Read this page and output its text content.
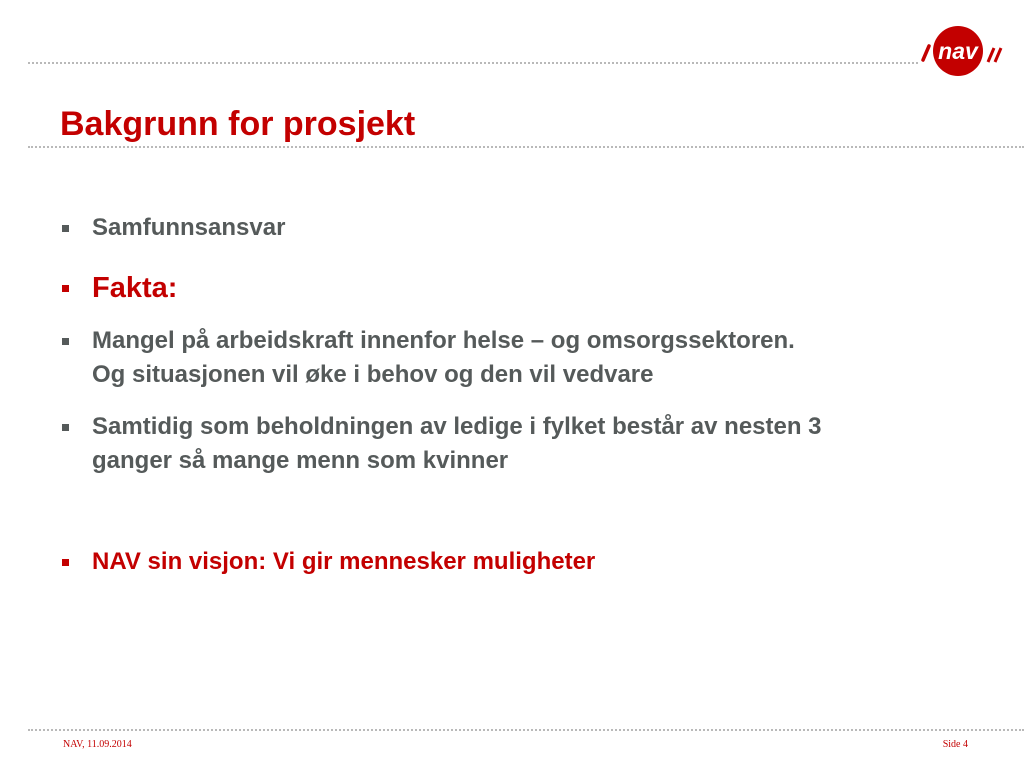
nav
Bakgrunn for prosjekt
Samfunnsansvar
Fakta:
Mangel på arbeidskraft innenfor helse – og omsorgssektoren.
Og situasjonen vil øke i behov og den vil vedvare
Samtidig som beholdningen av ledige i fylket består av nesten 3
ganger så mange menn som kvinner
NAV sin visjon: Vi gir mennesker muligheter
NAV, 11.09.2014	Side 4
